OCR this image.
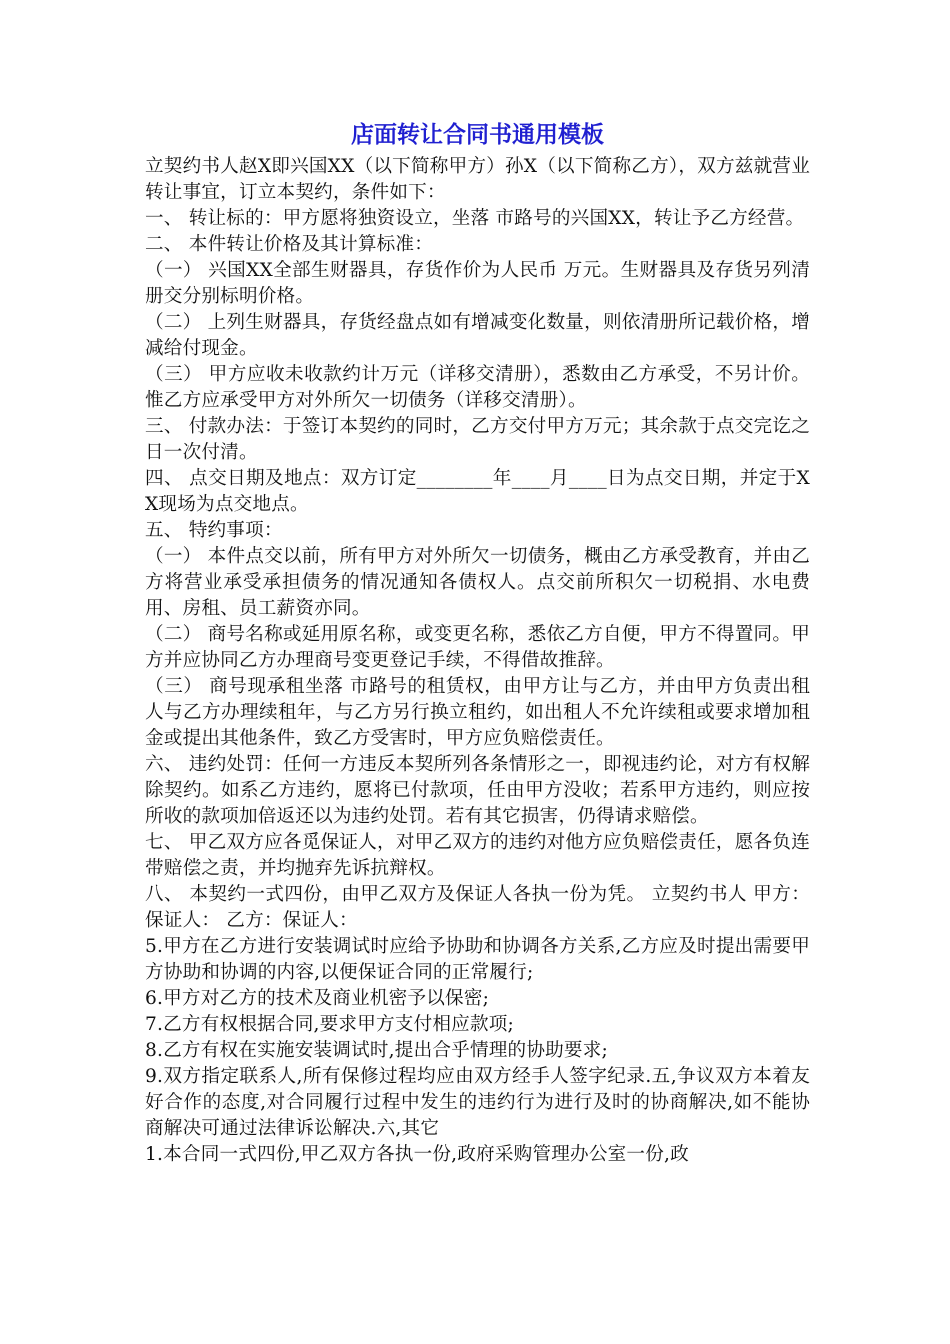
店面转让合同书通用模板

立契约书人赵X即兴国XX（以下简称甲方）孙X（以下简称乙方），双方兹就营业转让事宜，订立本契约，条件如下：

一、 转让标的：甲方愿将独资设立，坐落 市路号的兴国XX，转让予乙方经营。

二、 本件转让价格及其计算标准：

（一） 兴国XX全部生财器具，存货作价为人民币 万元。生财器具及存货另列清册交分别标明价格。

（二） 上列生财器具，存货经盘点如有增减变化数量，则依清册所记载价格，增减给付现金。

（三） 甲方应收未收款约计万元（详移交清册），悉数由乙方承受，不另计价。惟乙方应承受甲方对外所欠一切债务（详移交清册）。

三、 付款办法：于签订本契约的同时，乙方交付甲方万元；其余款于点交完讫之日一次付清。

四、 点交日期及地点：双方订定________年____月____日为点交日期，并定于XX现场为点交地点。

五、 特约事项：

（一） 本件点交以前，所有甲方对外所欠一切债务，概由乙方承受教育，并由乙方将营业承受承担债务的情况通知各债权人。点交前所积欠一切税捐、水电费用、房租、员工薪资亦同。

（二） 商号名称或延用原名称，或变更名称，悉依乙方自便，甲方不得置同。甲方并应协同乙方办理商号变更登记手续，不得借故推辞。

（三） 商号现承租坐落 市路号的租赁权，由甲方让与乙方，并由甲方负责出租人与乙方办理续租年，与乙方另行换立租约，如出租人不允许续租或要求增加租金或提出其他条件，致乙方受害时，甲方应负赔偿责任。

六、 违约处罚：任何一方违反本契所列各条情形之一，即视违约论，对方有权解除契约。如系乙方违约，愿将已付款项，任由甲方没收；若系甲方违约，则应按所收的款项加倍返还以为违约处罚。若有其它损害，仍得请求赔偿。

七、 甲乙双方应各觅保证人，对甲乙双方的违约对他方应负赔偿责任，愿各负连带赔偿之责，并均抛弃先诉抗辩权。

八、 本契约一式四份，由甲乙双方及保证人各执一份为凭。 立契约书人 甲方：保证人： 乙方：保证人：

5.甲方在乙方进行安装调试时应给予协助和协调各方关系,乙方应及时提出需要甲方协助和协调的内容,以便保证合同的正常履行;

6.甲方对乙方的技术及商业机密予以保密;

7.乙方有权根据合同,要求甲方支付相应款项;

8.乙方有权在实施安装调试时,提出合乎情理的协助要求;

9.双方指定联系人,所有保修过程均应由双方经手人签字纪录.五,争议双方本着友好合作的态度,对合同履行过程中发生的违约行为进行及时的协商解决,如不能协商解决可通过法律诉讼解决.六,其它

1.本合同一式四份,甲乙双方各执一份,政府采购管理办公室一份,政
